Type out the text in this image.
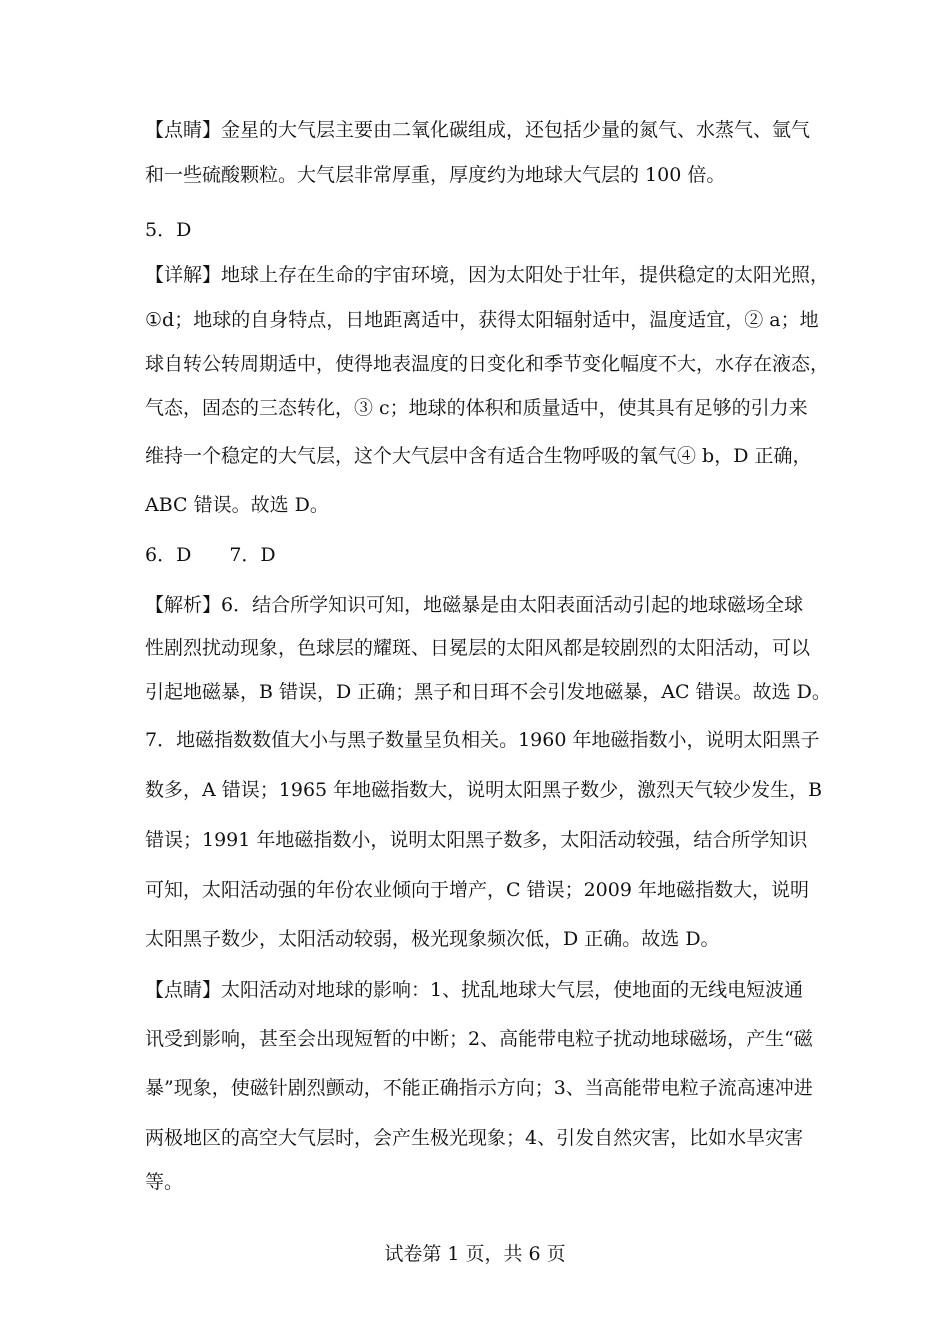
【点睛】金星的大气层主要由二氧化碳组成，还包括少量的氮气、水蒸气、氩气

和一些硫酸颗粒。大气层非常厚重，厚度约为地球大气层的 100 倍。

5．D

【详解】地球上存在生命的宇宙环境，因为太阳处于壮年，提供稳定的太阳光照，

①d；地球的自身特点，日地距离适中，获得太阳辐射适中，温度适宜，② a；地

球自转公转周期适中，使得地表温度的日变化和季节变化幅度不大，水存在液态，

气态，固态的三态转化，③ c；地球的体积和质量适中，使其具有足够的引力来

维持一个稳定的大气层，这个大气层中含有适合生物呼吸的氧气④ b，D 正确，

ABC 错误。故选 D。

6．D　　7．D

【解析】6．结合所学知识可知，地磁暴是由太阳表面活动引起的地球磁场全球

性剧烈扰动现象，色球层的耀斑、日冕层的太阳风都是较剧烈的太阳活动，可以

引起地磁暴，B 错误，D 正确；黑子和日珥不会引发地磁暴，AC 错误。故选 D。

7．地磁指数数值大小与黑子数量呈负相关。1960 年地磁指数小，说明太阳黑子

数多，A 错误；1965 年地磁指数大，说明太阳黑子数少，激烈天气较少发生，B

错误；1991 年地磁指数小，说明太阳黑子数多，太阳活动较强，结合所学知识

可知，太阳活动强的年份农业倾向于增产，C 错误；2009 年地磁指数大，说明

太阳黑子数少，太阳活动较弱，极光现象频次低，D 正确。故选 D。

【点睛】太阳活动对地球的影响：1、扰乱地球大气层，使地面的无线电短波通

讯受到影响，甚至会出现短暂的中断；2、高能带电粒子扰动地球磁场，产生“磁

暴”现象，使磁针剧烈颤动，不能正确指示方向；3、当高能带电粒子流高速冲进

两极地区的高空大气层时，会产生极光现象；4、引发自然灾害，比如水旱灾害

等。

试卷第 1 页，共 6 页
